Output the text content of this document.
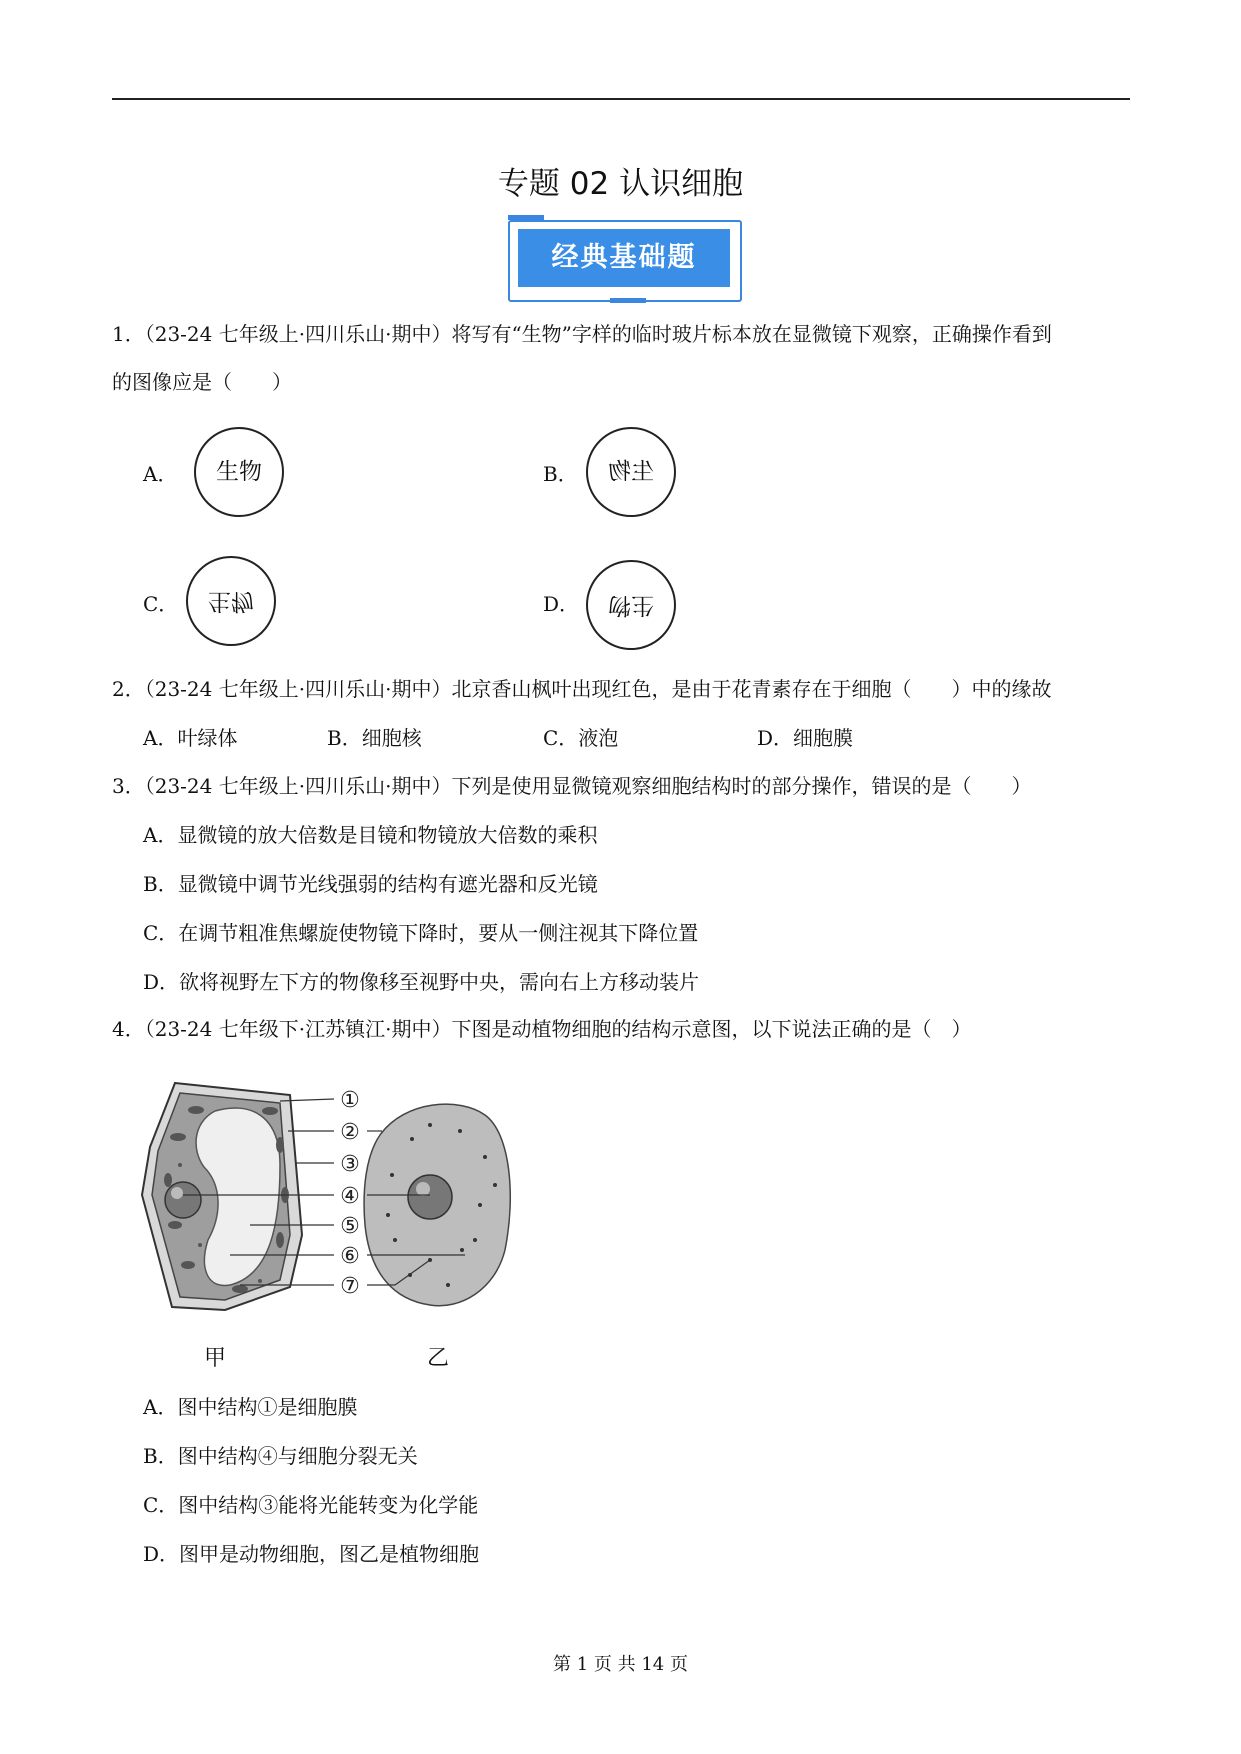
专题 02 认识细胞
经典基础题
1．（23-24 七年级上·四川乐山·期中）将写有“生物”字样的临时玻片标本放在显微镜下观察，正确操作看到
的图像应是（　　）
A．	生物	B．	生物
C．	生物	D．	生物
2．（23-24 七年级上·四川乐山·期中）北京香山枫叶出现红色，是由于花青素存在于细胞（　　）中的缘故
A．叶绿体	B．细胞核	C．液泡	D．细胞膜
3．（23-24 七年级上·四川乐山·期中）下列是使用显微镜观察细胞结构时的部分操作，错误的是（　　）
A．显微镜的放大倍数是目镜和物镜放大倍数的乘积
B．显微镜中调节光线强弱的结构有遮光器和反光镜
C．在调节粗准焦螺旋使物镜下降时，要从一侧注视其下降位置
D．欲将视野左下方的物像移至视野中央，需向右上方移动装片
4．（23-24 七年级下·江苏镇江·期中）下图是动植物细胞的结构示意图，以下说法正确的是（　）
甲	乙
①
②
③
④
⑤
⑥
⑦
A．图中结构①是细胞膜
B．图中结构④与细胞分裂无关
C．图中结构③能将光能转变为化学能
D．图甲是动物细胞，图乙是植物细胞
第 1 页 共 14 页
